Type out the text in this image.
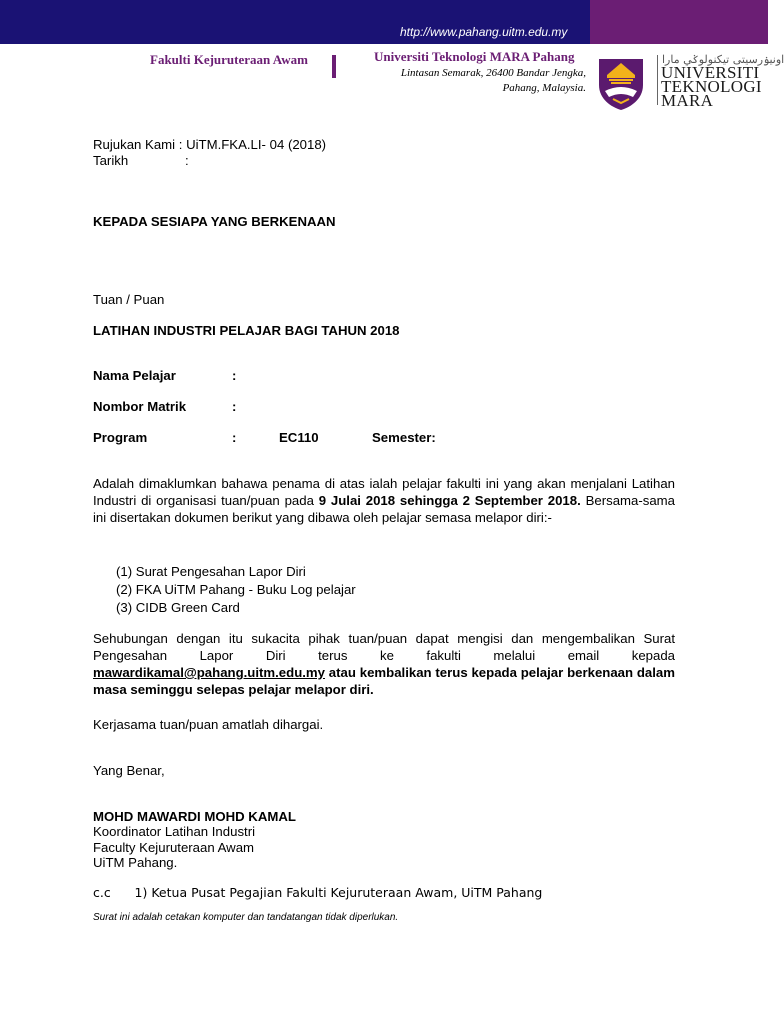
http://www.pahang.uitm.edu.my
Fakulti Kejuruteraan Awam	Universiti Teknologi MARA Pahang
Lintasan Semarak, 26400 Bandar Jengka,
Pahang, Malaysia.
اونیۏرسیتی تيكنولوݢي مارا
UNIVERSITI
TEKNOLOGI
MARA
Rujukan Kami : UiTM.FKA.LI- 04 (2018)
Tarikh	:
KEPADA SESIAPA YANG BERKENAAN
Tuan / Puan
LATIHAN INDUSTRI PELAJAR BAGI TAHUN 2018
Nama Pelajar	:
Nombor Matrik	:
Program	:	EC110	Semester:
Adalah dimaklumkan bahawa penama di atas ialah pelajar fakulti ini yang akan menjalani Latihan Industri di organisasi tuan/puan pada 9 Julai 2018 sehingga 2 September 2018. Bersama-sama ini disertakan dokumen berikut yang dibawa oleh pelajar semasa melapor diri:-
(1) Surat Pengesahan Lapor Diri
(2) FKA UiTM Pahang - Buku Log pelajar
(3) CIDB Green Card
Sehubungan dengan itu sukacita pihak tuan/puan dapat mengisi dan mengembalikan Surat Pengesahan Lapor Diri terus ke fakulti melalui email kepada mawardikamal@pahang.uitm.edu.my atau kembalikan terus kepada pelajar berkenaan dalam masa seminggu selepas pelajar melapor diri.
Kerjasama tuan/puan amatlah dihargai.
Yang Benar,
MOHD MAWARDI MOHD KAMAL
Koordinator Latihan Industri
Faculty Kejuruteraan Awam
UiTM Pahang.
c.c      1) Ketua Pusat Pegajian Fakulti Kejuruteraan Awam, UiTM Pahang
Surat ini adalah cetakan komputer dan tandatangan tidak diperlukan.
